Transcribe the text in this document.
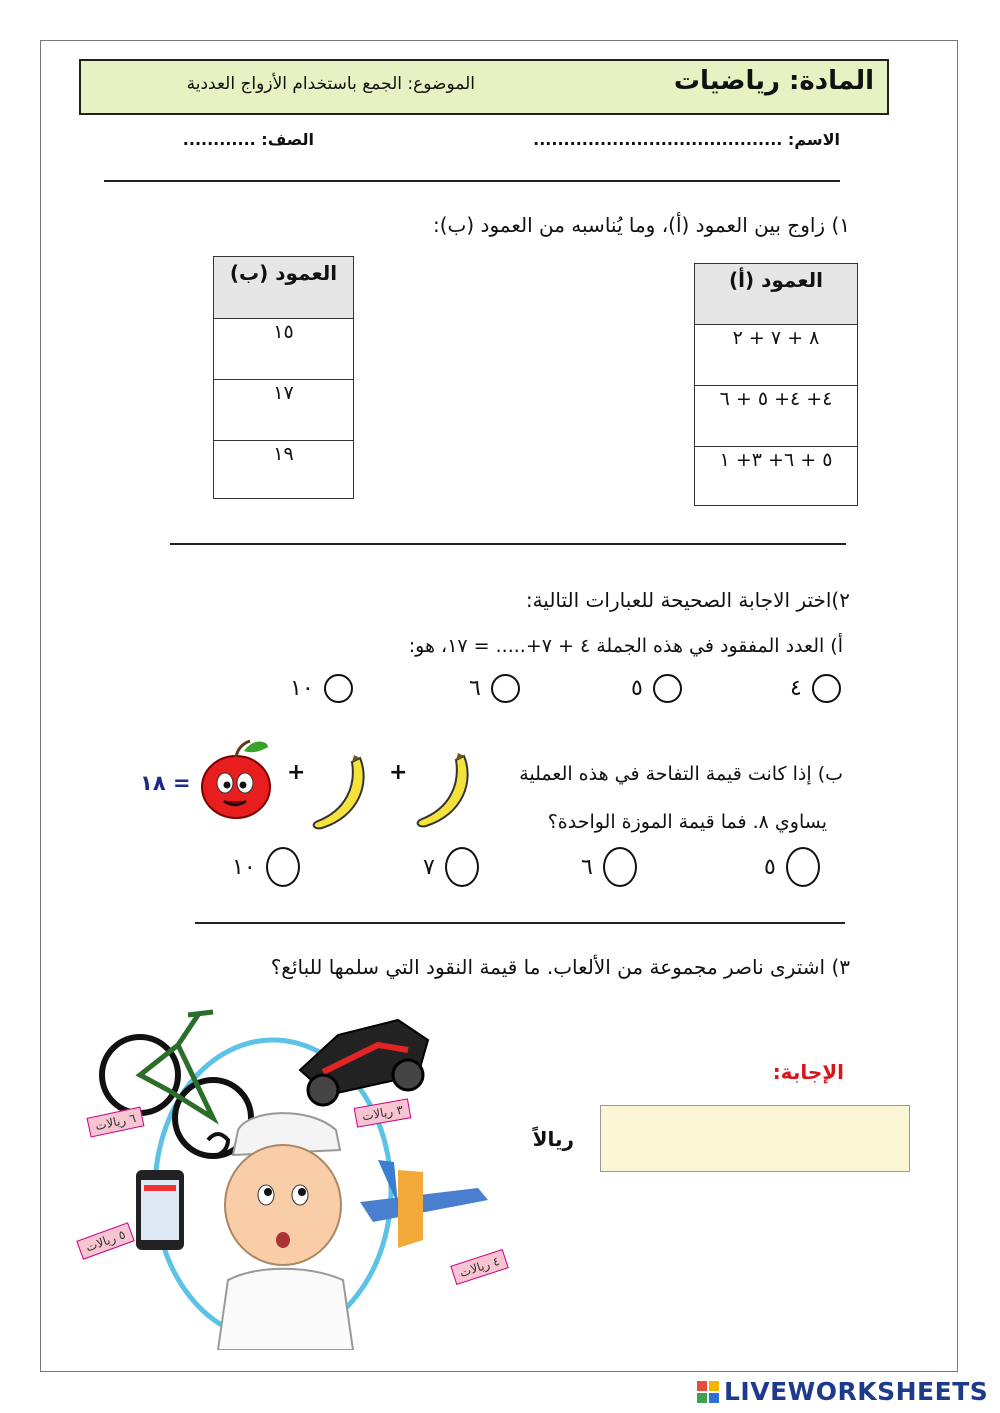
المادة: رياضيات
الموضوع: الجمع باستخدام الأزواج العددية
الاسم: .........................................
الصف: ............
١) زاوج بين العمود (أ)، وما يُناسبه من العمود (ب):
العمود (أ)
٨ + ٧ + ٢
٤+ ٤+ ٥ + ٦
٥ + ٦+ ٣+ ١
العمود (ب)
١٥
١٧
١٩
٢)اختر الاجابة الصحيحة للعبارات التالية:
أ) العدد المفقود في هذه الجملة ٤ + ٧+..... = ١٧، هو:
٤
٥
٦
١٠
ب) إذا كانت قيمة التفاحة في هذه العملية
يساوي ٨. فما قيمة الموزة الواحدة؟
+
+
= ١٨
٥
٦
٧
١٠
٣) اشترى ناصر مجموعة من الألعاب. ما قيمة النقود التي سلمها للبائع؟
الإجابة:
ريالاً
٦ ريالات	٣ ريالات
٥ ريالات
٤ ريالات
LIVEWORKSHEETS
